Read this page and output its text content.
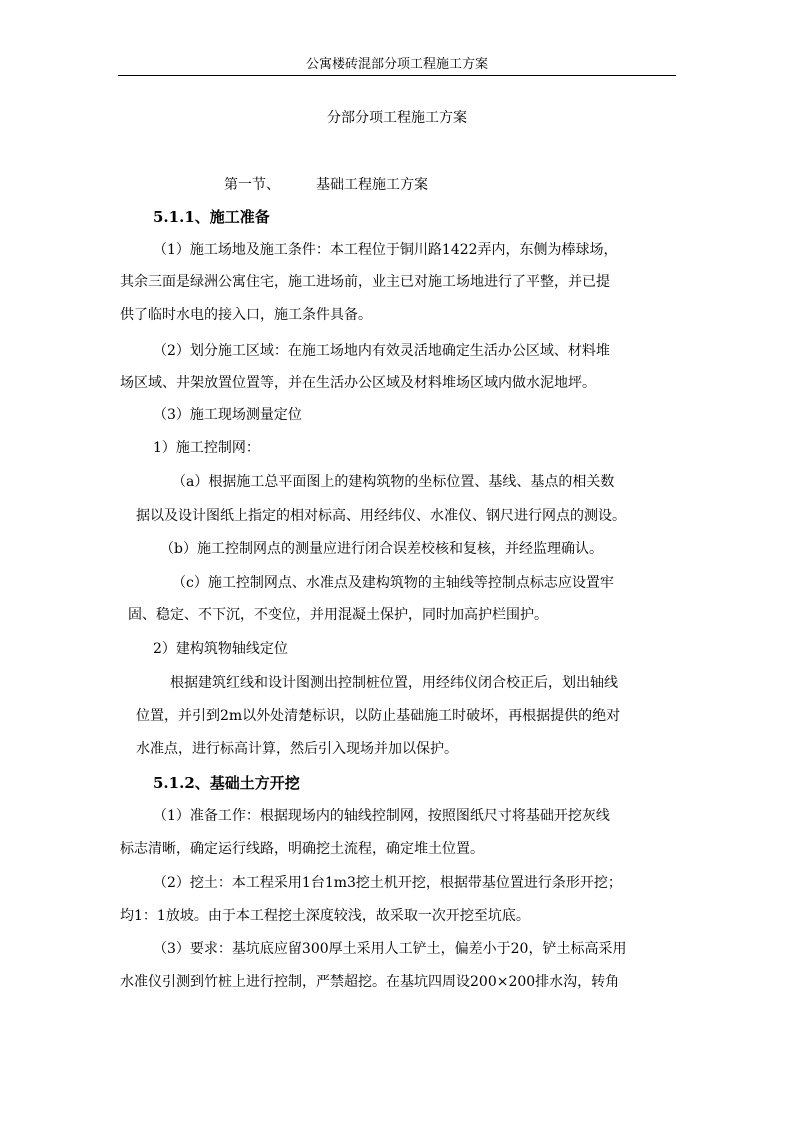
公寓楼砖混部分项工程施工方案
分部分项工程施工方案
第一节、	基础工程施工方案
5.1.1、施工准备
（1）施工场地及施工条件：本工程位于铜川路1422弄内，东侧为棒球场，
其余三面是绿洲公寓住宅，施工进场前，业主已对施工场地进行了平整，并已提
供了临时水电的接入口，施工条件具备。
（2）划分施工区域：在施工场地内有效灵活地确定生活办公区域、材料堆
场区域、井架放置位置等，并在生活办公区域及材料堆场区域内做水泥地坪。
（3）施工现场测量定位
1）施工控制网：
（a）根据施工总平面图上的建构筑物的坐标位置、基线、基点的相关数
据以及设计图纸上指定的相对标高、用经纬仪、水准仪、钢尺进行网点的测设。
（b）施工控制网点的测量应进行闭合误差校核和复核，并经监理确认。
（c）施工控制网点、水准点及建构筑物的主轴线等控制点标志应设置牢
固、稳定、不下沉，不变位，并用混凝土保护，同时加高护栏围护。
2）建构筑物轴线定位
根据建筑红线和设计图测出控制桩位置，用经纬仪闭合校正后，划出轴线
位置，并引到2m以外处清楚标识，以防止基础施工时破坏，再根据提供的绝对
水准点，进行标高计算，然后引入现场并加以保护。
5.1.2、基础土方开挖
（1）准备工作：根据现场内的轴线控制网，按照图纸尺寸将基础开挖灰线
标志清晰，确定运行线路，明确挖土流程，确定堆土位置。
（2）挖土：本工程采用1台1m3挖土机开挖，根据带基位置进行条形开挖；
均1：1放坡。由于本工程挖土深度较浅，故采取一次开挖至坑底。
（3）要求：基坑底应留300厚土采用人工铲土，偏差小于20，铲土标高采用
水准仪引测到竹桩上进行控制，严禁超挖。在基坑四周设200×200排水沟，转角
